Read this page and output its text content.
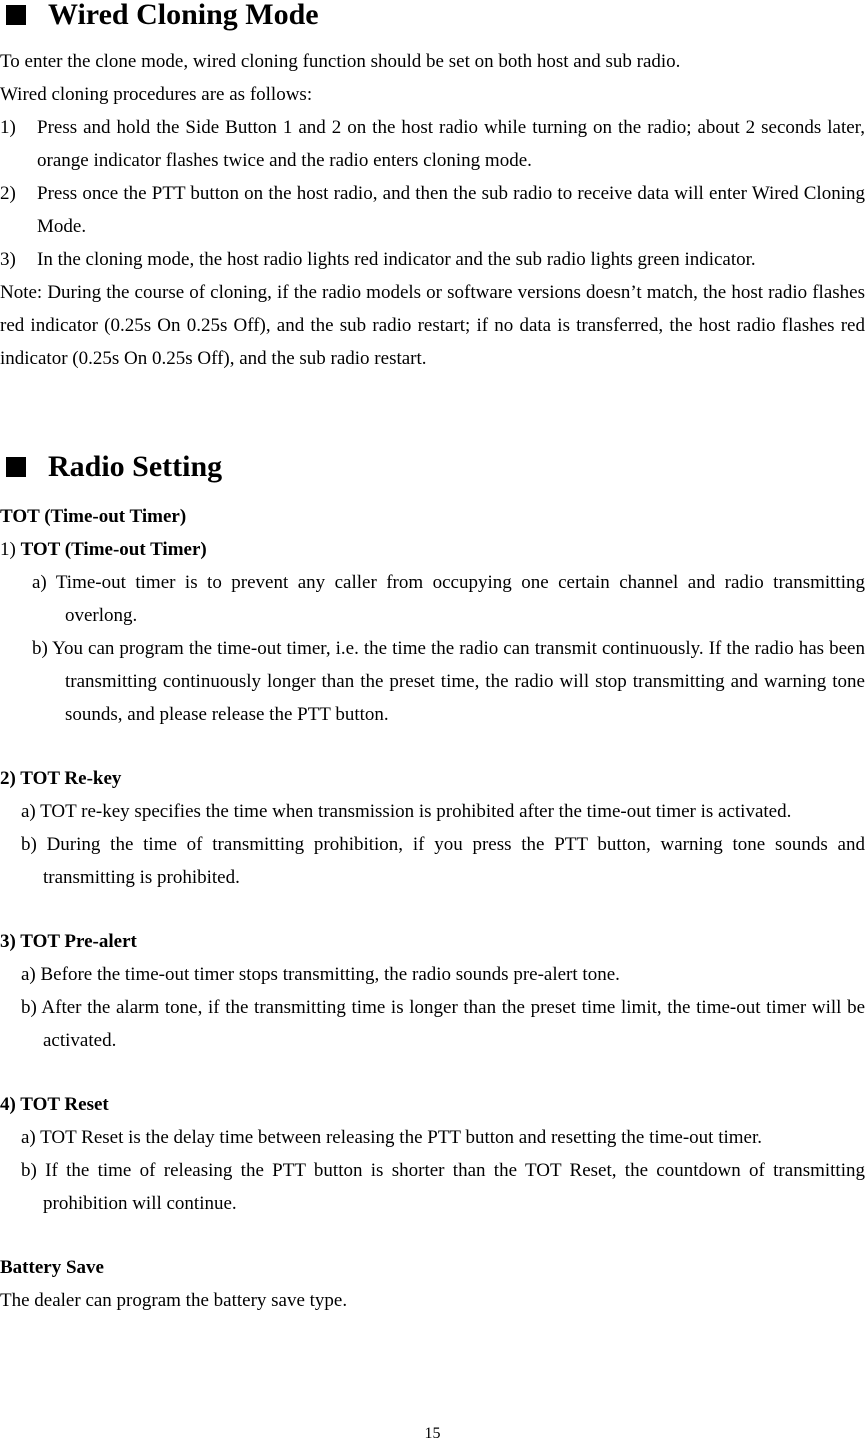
Wired Cloning Mode

To enter the clone mode, wired cloning function should be set on both host and sub radio.

Wired cloning procedures are as follows:

1)	Press and hold the Side Button 1 and 2 on the host radio while turning on the radio; about 2 seconds later, orange indicator flashes twice and the radio enters cloning mode.
2)	Press once the PTT button on the host radio, and then the sub radio to receive data will enter Wired Cloning Mode.
3)	In the cloning mode, the host radio lights red indicator and the sub radio lights green indicator.

Note: During the course of cloning, if the radio models or software versions doesn’t match, the host radio flashes red indicator (0.25s On 0.25s Off), and the sub radio restart; if no data is transferred, the host radio flashes red indicator (0.25s On 0.25s Off), and the sub radio restart.

Radio Setting

TOT (Time-out Timer)

1) TOT (Time-out Timer)

a) Time-out timer is to prevent any caller from occupying one certain channel and radio transmitting overlong.

b) You can program the time-out timer, i.e. the time the radio can transmit continuously. If the radio has been transmitting continuously longer than the preset time, the radio will stop transmitting and warning tone sounds, and please release the PTT button.

2) TOT Re-key

a) TOT re-key specifies the time when transmission is prohibited after the time-out timer is activated.

b) During the time of transmitting prohibition, if you press the PTT button, warning tone sounds and transmitting is prohibited.

3) TOT Pre-alert

a) Before the time-out timer stops transmitting, the radio sounds pre-alert tone.

b) After the alarm tone, if the transmitting time is longer than the preset time limit, the time-out timer will be activated.

4) TOT Reset

a) TOT Reset is the delay time between releasing the PTT button and resetting the time-out timer.

b) If the time of releasing the PTT button is shorter than the TOT Reset, the countdown of transmitting prohibition will continue.

Battery Save

The dealer can program the battery save type.

15
